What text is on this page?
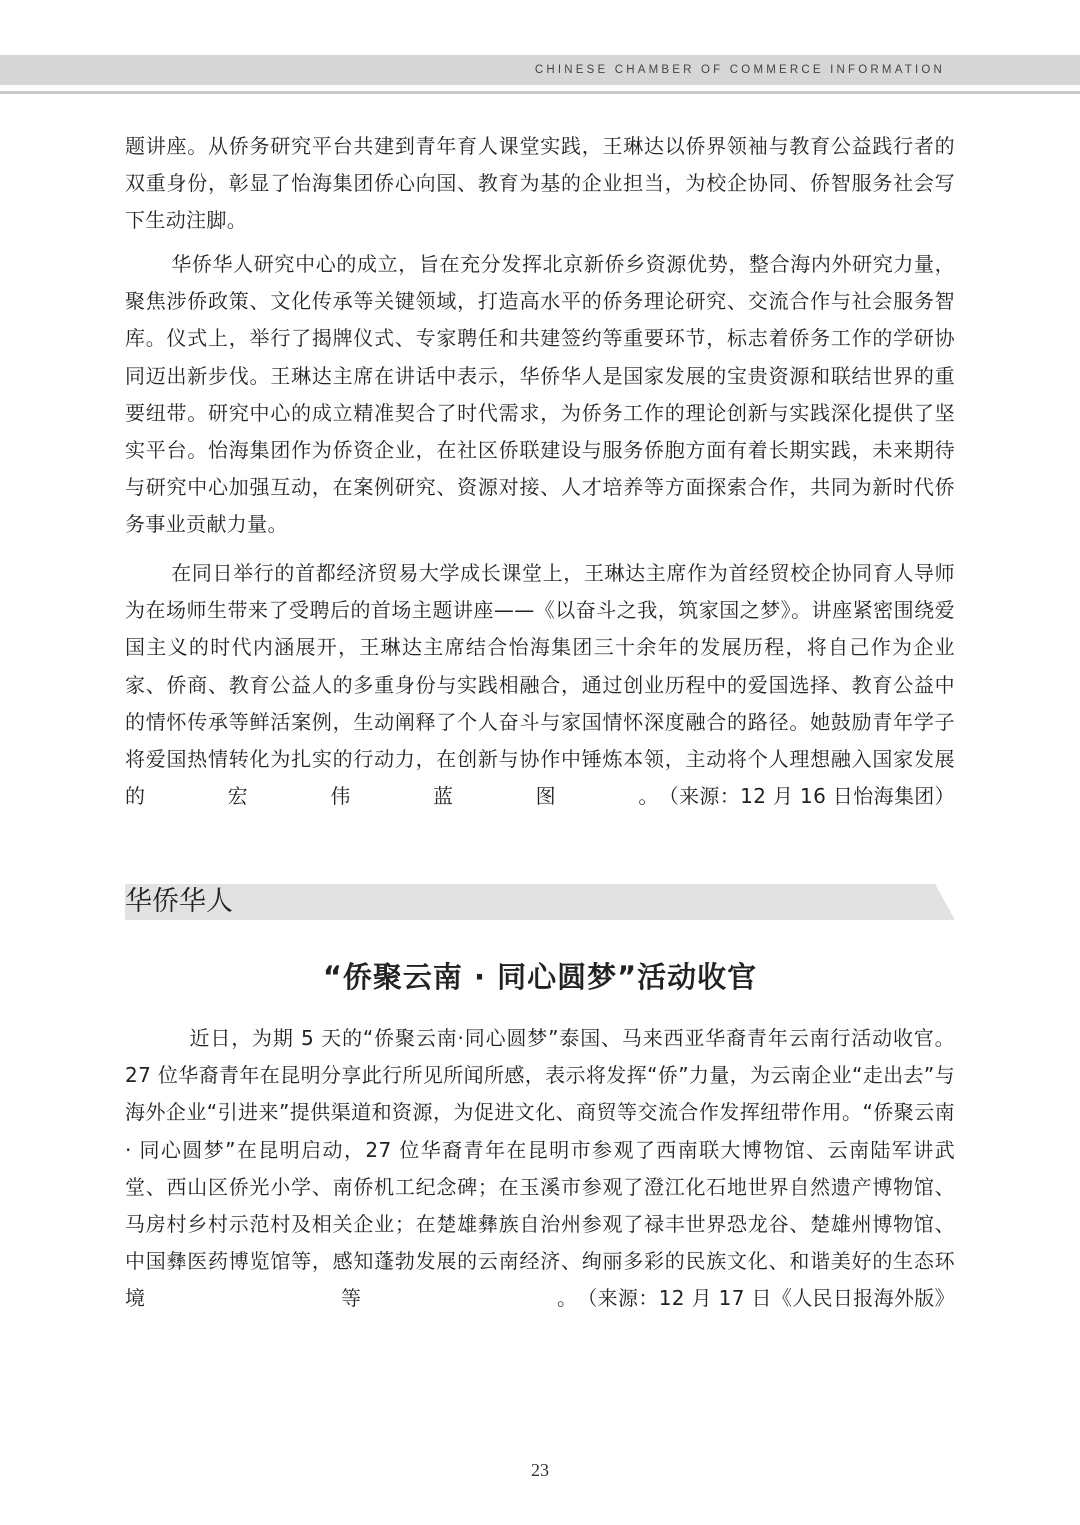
CHINESE CHAMBER OF COMMERCE INFORMATION

题讲座。从侨务研究平台共建到青年育人课堂实践，王琳达以侨界领袖与教育公益践行者的双重身份，彰显了怡海集团侨心向国、教育为基的企业担当，为校企协同、侨智服务社会写下生动注脚。

华侨华人研究中心的成立，旨在充分发挥北京新侨乡资源优势，整合海内外研究力量，聚焦涉侨政策、文化传承等关键领域，打造高水平的侨务理论研究、交流合作与社会服务智库。仪式上，举行了揭牌仪式、专家聘任和共建签约等重要环节，标志着侨务工作的学研协同迈出新步伐。王琳达主席在讲话中表示，华侨华人是国家发展的宝贵资源和联结世界的重要纽带。研究中心的成立精准契合了时代需求，为侨务工作的理论创新与实践深化提供了坚实平台。怡海集团作为侨资企业，在社区侨联建设与服务侨胞方面有着长期实践，未来期待与研究中心加强互动，在案例研究、资源对接、人才培养等方面探索合作，共同为新时代侨务事业贡献力量。

在同日举行的首都经济贸易大学成长课堂上，王琳达主席作为首经贸校企协同育人导师为在场师生带来了受聘后的首场主题讲座——《以奋斗之我，筑家国之梦》。讲座紧密围绕爱国主义的时代内涵展开，王琳达主席结合怡海集团三十余年的发展历程，将自己作为企业家、侨商、教育公益人的多重身份与实践相融合，通过创业历程中的爱国选择、教育公益中的情怀传承等鲜活案例，生动阐释了个人奋斗与家国情怀深度融合的路径。她鼓励青年学子将爱国热情转化为扎实的行动力，在创新与协作中锤炼本领，主动将个人理想融入国家发展的宏伟蓝图。 （来源：12 月 16 日怡海集团）

华侨华人
“侨聚云南 · 同心圆梦”活动收官

近日，为期 5 天的“侨聚云南·同心圆梦”泰国、马来西亚华裔青年云南行活动收官。27 位华裔青年在昆明分享此行所见所闻所感，表示将发挥“侨”力量，为云南企业“走出去”与海外企业“引进来”提供渠道和资源，为促进文化、商贸等交流合作发挥纽带作用。“侨聚云南 · 同心圆梦”在昆明启动，27 位华裔青年在昆明市参观了西南联大博物馆、云南陆军讲武堂、西山区侨光小学、南侨机工纪念碑；在玉溪市参观了澄江化石地世界自然遗产博物馆、马房村乡村示范村及相关企业；在楚雄彝族自治州参观了禄丰世界恐龙谷、楚雄州博物馆、中国彝医药博览馆等，感知蓬勃发展的云南经济、绚丽多彩的民族文化、和谐美好的生态环境等。 （来源：12 月 17 日《人民日报海外版》

23
